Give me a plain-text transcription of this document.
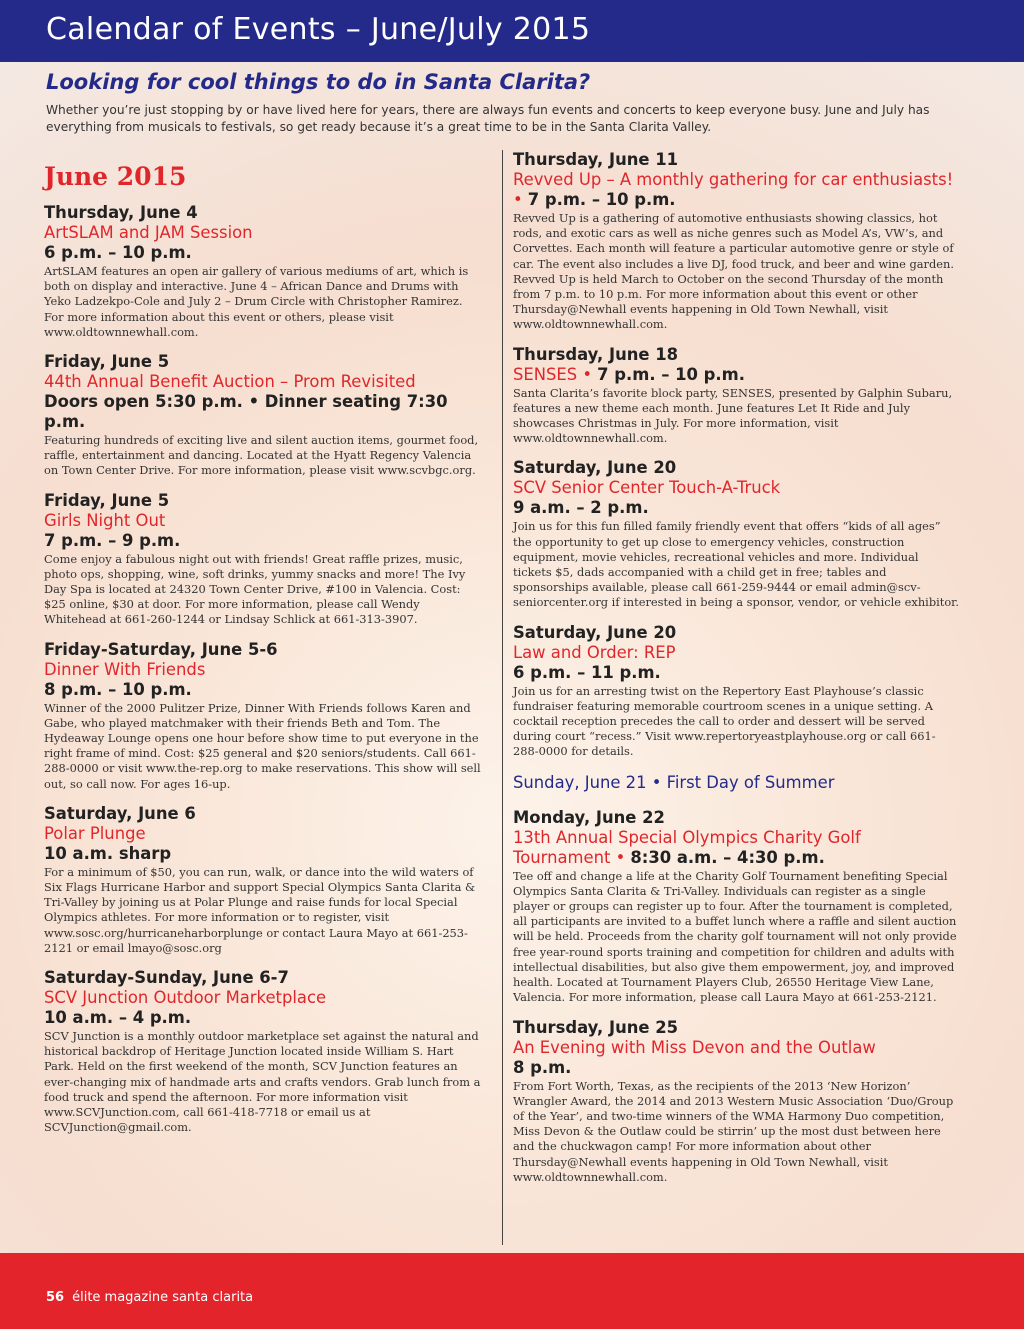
Calendar of Events – June/July 2015
Looking for cool things to do in Santa Clarita?
Whether you’re just stopping by or have lived here for years, there are always fun events and concerts to keep everyone busy. June and July has everything from musicals to festivals, so get ready because it’s a great time to be in the Santa Clarita Valley.
June 2015
Thursday, June 4
ArtSLAM and JAM Session
6 p.m. – 10 p.m.
ArtSLAM features an open air gallery of various mediums of art, which is both on display and interactive. June 4 – African Dance and Drums with Yeko Ladzekpo-Cole and July 2 – Drum Circle with Christopher Ramirez. For more information about this event or others, please visit www.oldtownnewhall.com.
Friday, June 5
44th Annual Benefit Auction – Prom Revisited
Doors open 5:30 p.m. • Dinner seating 7:30 p.m.
Featuring hundreds of exciting live and silent auction items, gourmet food, raffle, entertainment and dancing. Located at the Hyatt Regency Valencia on Town Center Drive. For more information, please visit www.scvbgc.org.
Friday, June 5
Girls Night Out
7 p.m. – 9 p.m.
Come enjoy a fabulous night out with friends! Great raffle prizes, music, photo ops, shopping, wine, soft drinks, yummy snacks and more! The Ivy Day Spa is located at 24320 Town Center Drive, #100 in Valencia. Cost: $25 online, $30 at door. For more information, please call Wendy Whitehead at 661-260-1244 or Lindsay Schlick at 661-313-3907.
Friday-Saturday, June 5-6
Dinner With Friends
8 p.m. – 10 p.m.
Winner of the 2000 Pulitzer Prize, Dinner With Friends follows Karen and Gabe, who played matchmaker with their friends Beth and Tom. The Hydeaway Lounge opens one hour before show time to put everyone in the right frame of mind. Cost: $25 general and $20 seniors/students. Call 661-288-0000 or visit www.the-rep.org to make reservations. This show will sell out, so call now. For ages 16-up.
Saturday, June 6
Polar Plunge
10 a.m. sharp
For a minimum of $50, you can run, walk, or dance into the wild waters of Six Flags Hurricane Harbor and support Special Olympics Santa Clarita & Tri-Valley by joining us at Polar Plunge and raise funds for local Special Olympics athletes. For more information or to register, visit www.sosc.org/hurricaneharborplunge or contact Laura Mayo at 661-253-2121 or email lmayo@sosc.org
Saturday-Sunday, June 6-7
SCV Junction Outdoor Marketplace
10 a.m. – 4 p.m.
SCV Junction is a monthly outdoor marketplace set against the natural and historical backdrop of Heritage Junction located inside William S. Hart Park. Held on the first weekend of the month, SCV Junction features an ever-changing mix of handmade arts and crafts vendors. Grab lunch from a food truck and spend the afternoon. For more information visit www.SCVJunction.com, call 661-418-7718 or email us at SCVJunction@gmail.com.
Thursday, June 11
Revved Up – A monthly gathering for car enthusiasts! • 7 p.m. – 10 p.m.
Revved Up is a gathering of automotive enthusiasts showing classics, hot rods, and exotic cars as well as niche genres such as Model A’s, VW’s, and Corvettes. Each month will feature a particular automotive genre or style of car. The event also includes a live DJ, food truck, and beer and wine garden. Revved Up is held March to October on the second Thursday of the month from 7 p.m. to 10 p.m. For more information about this event or other Thursday@Newhall events happening in Old Town Newhall, visit www.oldtownnewhall.com.
Thursday, June 18
SENSES • 7 p.m. – 10 p.m.
Santa Clarita’s favorite block party, SENSES, presented by Galphin Subaru, features a new theme each month. June features Let It Ride and July showcases Christmas in July. For more information, visit www.oldtownnewhall.com.
Saturday, June 20
SCV Senior Center Touch-A-Truck
9 a.m. – 2 p.m.
Join us for this fun filled family friendly event that offers “kids of all ages” the opportunity to get up close to emergency vehicles, construction equipment, movie vehicles, recreational vehicles and more. Individual tickets $5, dads accompanied with a child get in free; tables and sponsorships available, please call 661-259-9444 or email admin@scv-seniorcenter.org if interested in being a sponsor, vendor, or vehicle exhibitor.
Saturday, June 20
Law and Order: REP
6 p.m. – 11 p.m.
Join us for an arresting twist on the Repertory East Playhouse’s classic fundraiser featuring memorable courtroom scenes in a unique setting. A cocktail reception precedes the call to order and dessert will be served during court “recess.” Visit www.repertoryeastplayhouse.org or call 661-288-0000 for details.
Sunday, June 21 • First Day of Summer
Monday, June 22
13th Annual Special Olympics Charity Golf Tournament • 8:30 a.m. – 4:30 p.m.
Tee off and change a life at the Charity Golf Tournament benefiting Special Olympics Santa Clarita & Tri-Valley. Individuals can register as a single player or groups can register up to four. After the tournament is completed, all participants are invited to a buffet lunch where a raffle and silent auction will be held. Proceeds from the charity golf tournament will not only provide free year-round sports training and competition for children and adults with intellectual disabilities, but also give them empowerment, joy, and improved health. Located at Tournament Players Club, 26550 Heritage View Lane, Valencia. For more information, please call Laura Mayo at 661-253-2121.
Thursday, June 25
An Evening with Miss Devon and the Outlaw
8 p.m.
From Fort Worth, Texas, as the recipients of the 2013 ‘New Horizon’ Wrangler Award, the 2014 and 2013 Western Music Association ‘Duo/Group of the Year’, and two-time winners of the WMA Harmony Duo competition, Miss Devon & the Outlaw could be stirrin’ up the most dust between here and the chuckwagon camp! For more information about other Thursday@Newhall events happening in Old Town Newhall, visit www.oldtownnewhall.com.
56 élite magazine santa clarita
